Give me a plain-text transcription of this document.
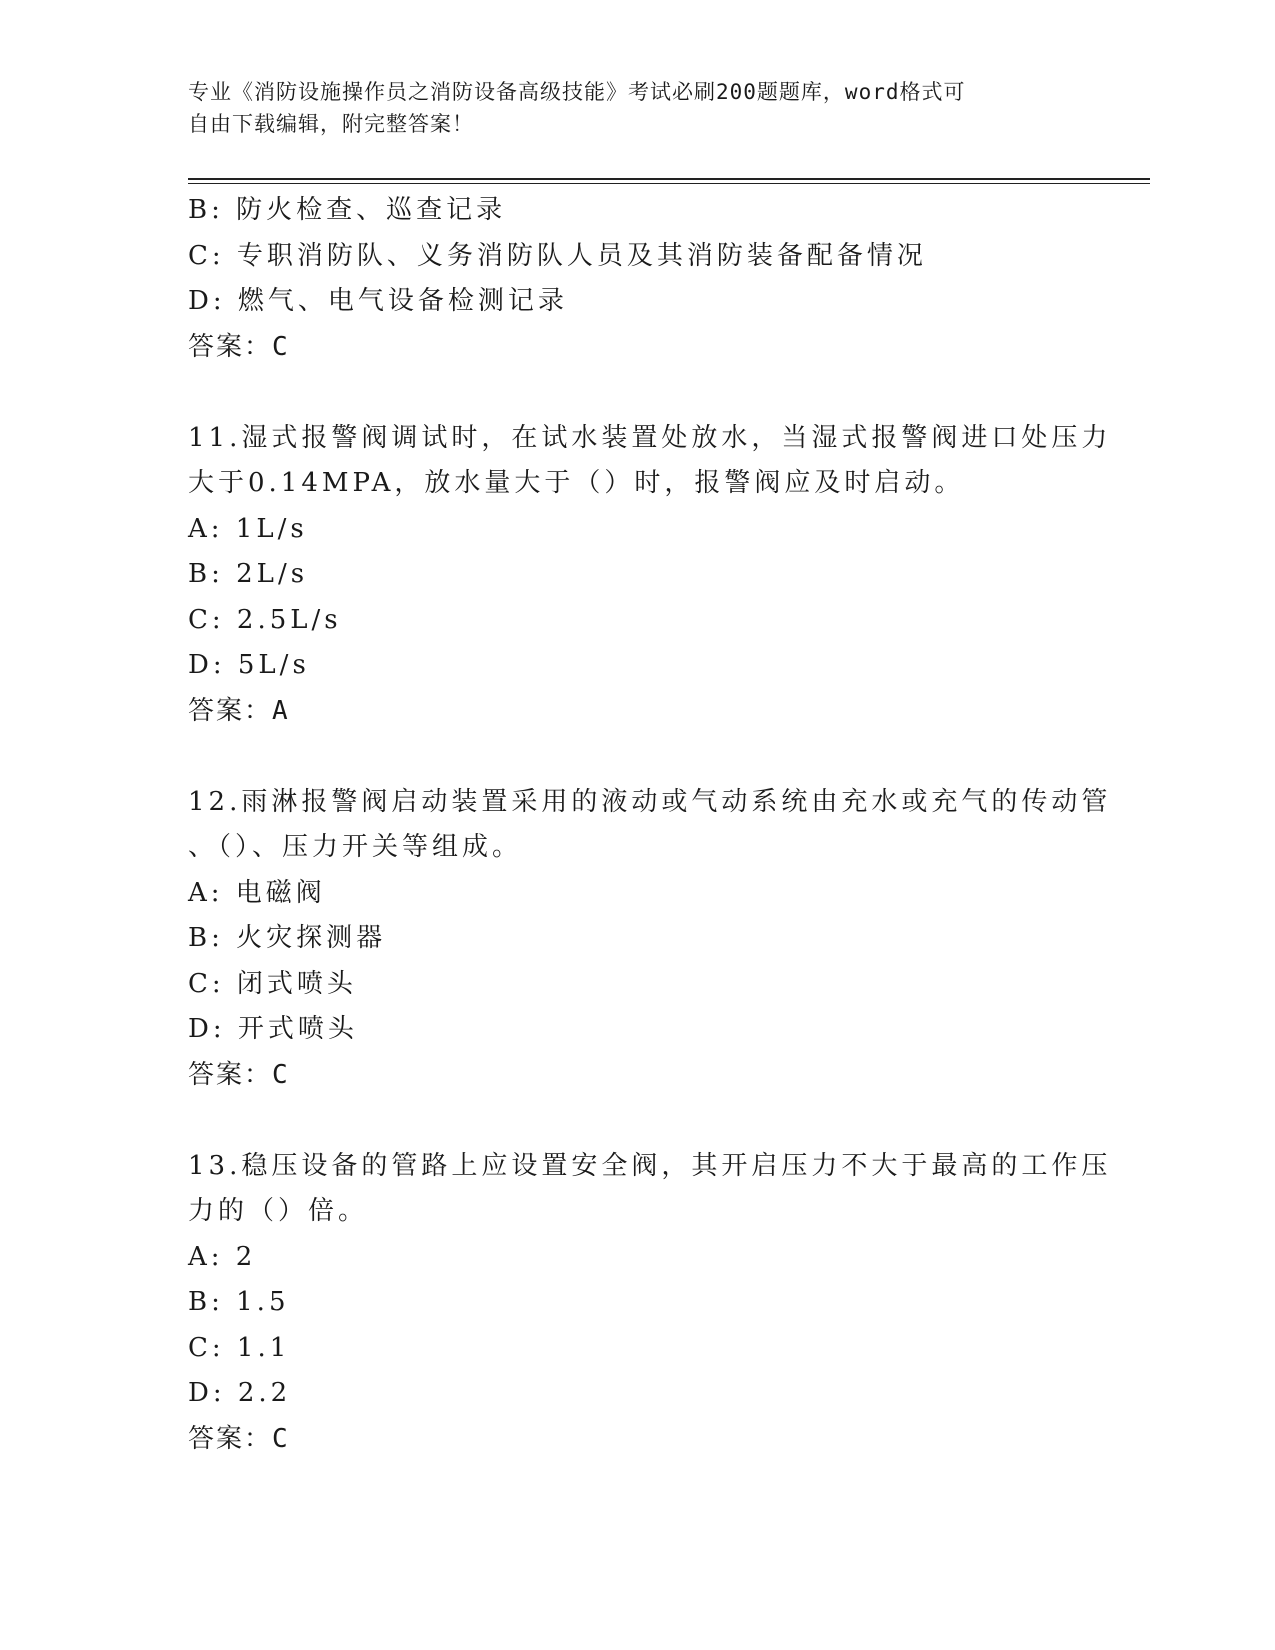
专业《消防设施操作员之消防设备高级技能》考试必刷200题题库，word格式可
自由下载编辑，附完整答案！
B: 防火检查、巡查记录
C: 专职消防队、义务消防队人员及其消防装备配备情况
D: 燃气、电气设备检测记录
答案：C
11.湿式报警阀调试时，在试水装置处放水，当湿式报警阀进口处压力
大于0.14MPA，放水量大于（）时，报警阀应及时启动。
A: 1L/s
B: 2L/s
C: 2.5L/s
D: 5L/s
答案：A
12.雨淋报警阀启动装置采用的液动或气动系统由充水或充气的传动管
、（）、压力开关等组成。
A: 电磁阀
B: 火灾探测器
C: 闭式喷头
D: 开式喷头
答案：C
13.稳压设备的管路上应设置安全阀，其开启压力不大于最高的工作压
力的（）倍。
A: 2
B: 1.5
C: 1.1
D: 2.2
答案：C
